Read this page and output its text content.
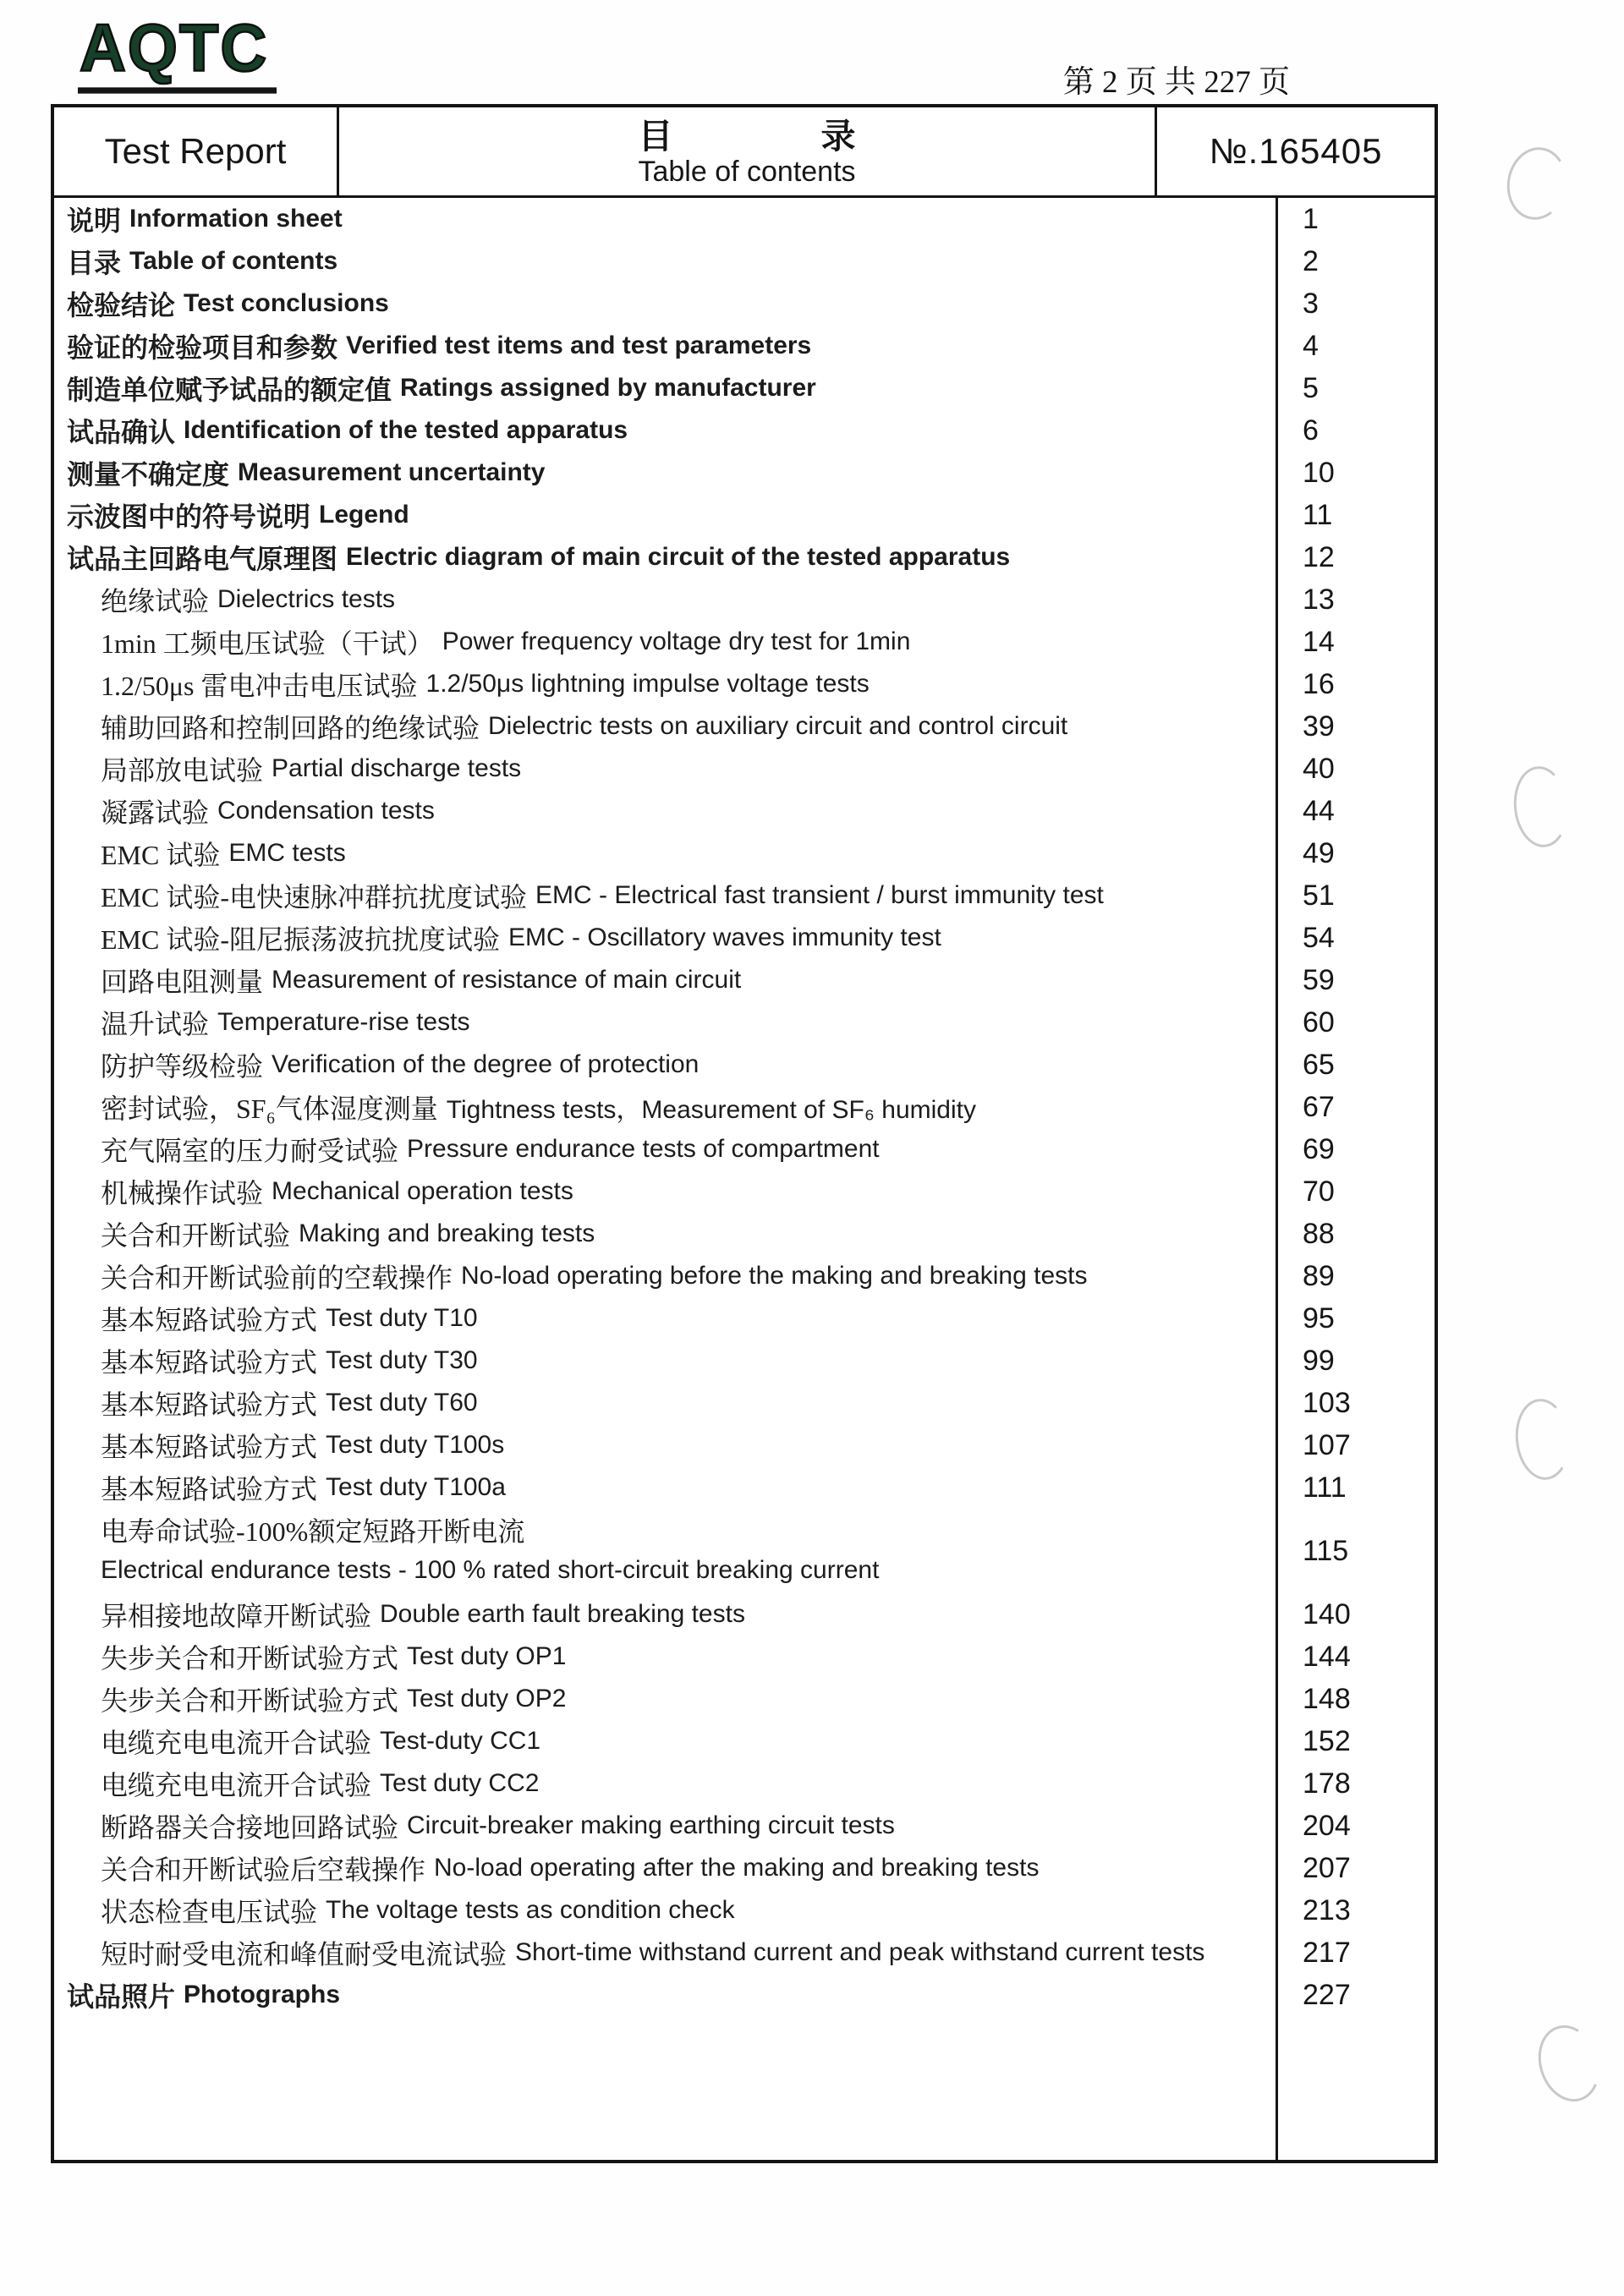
AQTC	第 2 页 共 227 页
Test Report	目	录
Table of contents
№.165405
说明 Information sheet	1
目录 Table of contents	2
检验结论 Test conclusions	3
验证的检验项目和参数 Verified test items and test parameters	4
制造单位赋予试品的额定值 Ratings assigned by manufacturer	5
试品确认 Identification of the tested apparatus	6
测量不确定度 Measurement uncertainty	10
示波图中的符号说明 Legend	11
试品主回路电气原理图 Electric diagram of main circuit of the tested apparatus	12
绝缘试验 Dielectrics tests	13
1min 工频电压试验（干试） Power frequency voltage dry test for 1min	14
1.2/50μs 雷电冲击电压试验 1.2/50μs lightning impulse voltage tests	16
辅助回路和控制回路的绝缘试验 Dielectric tests on auxiliary circuit and control circuit	39
局部放电试验 Partial discharge tests	40
凝露试验 Condensation tests	44
EMC 试验 EMC tests	49
EMC 试验-电快速脉冲群抗扰度试验 EMC - Electrical fast transient / burst immunity test	51
EMC 试验-阻尼振荡波抗扰度试验 EMC - Oscillatory waves immunity test	54
回路电阻测量 Measurement of resistance of main circuit	59
温升试验 Temperature-rise tests	60
防护等级检验 Verification of the degree of protection	65
密封试验，SF₆气体湿度测量 Tightness tests，Measurement of SF₆ humidity	67
充气隔室的压力耐受试验 Pressure endurance tests of compartment	69
机械操作试验 Mechanical operation tests	70
关合和开断试验 Making and breaking tests	88
关合和开断试验前的空载操作 No-load operating before the making and breaking tests	89
基本短路试验方式 Test duty T10	95
基本短路试验方式 Test duty T30	99
基本短路试验方式 Test duty T60	103
基本短路试验方式 Test duty T100s	107
基本短路试验方式 Test duty T100a	111
电寿命试验-100%额定短路开断电流
Electrical endurance tests - 100 % rated short-circuit breaking current
115
异相接地故障开断试验 Double earth fault breaking tests	140
失步关合和开断试验方式 Test duty OP1	144
失步关合和开断试验方式 Test duty OP2	148
电缆充电电流开合试验 Test-duty CC1	152
电缆充电电流开合试验 Test duty CC2	178
断路器关合接地回路试验 Circuit-breaker making earthing circuit tests	204
关合和开断试验后空载操作 No-load operating after the making and breaking tests	207
状态检查电压试验 The voltage tests as condition check	213
短时耐受电流和峰值耐受电流试验 Short-time withstand current and peak withstand current tests	217
试品照片 Photographs	227
